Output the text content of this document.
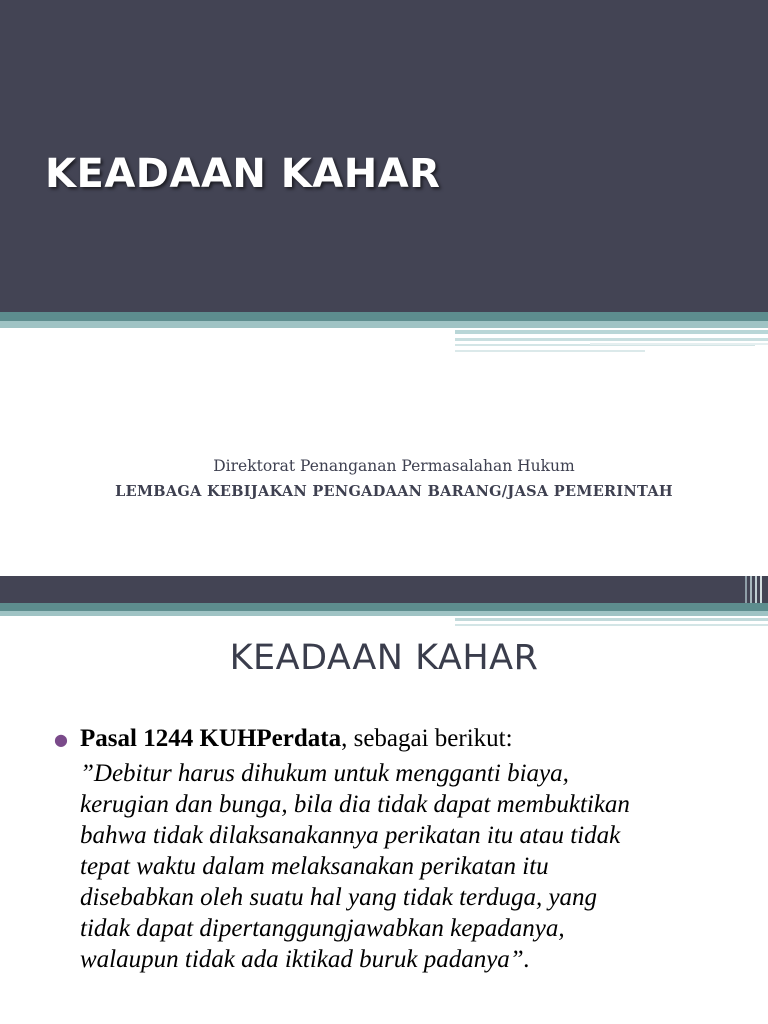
KEADAAN KAHAR
Direktorat Penanganan Permasalahan Hukum
LEMBAGA KEBIJAKAN PENGADAAN BARANG/JASA PEMERINTAH
KEADAAN KAHAR
● Pasal 1244 KUHPerdata, sebagai berikut:
”Debitur harus dihukum untuk mengganti biaya,
kerugian dan bunga, bila dia tidak dapat membuktikan
bahwa tidak dilaksanakannya perikatan itu atau tidak
tepat waktu dalam melaksanakan perikatan itu
disebabkan oleh suatu hal yang tidak terduga, yang
tidak dapat dipertanggungjawabkan kepadanya,
walaupun tidak ada iktikad buruk padanya”.
